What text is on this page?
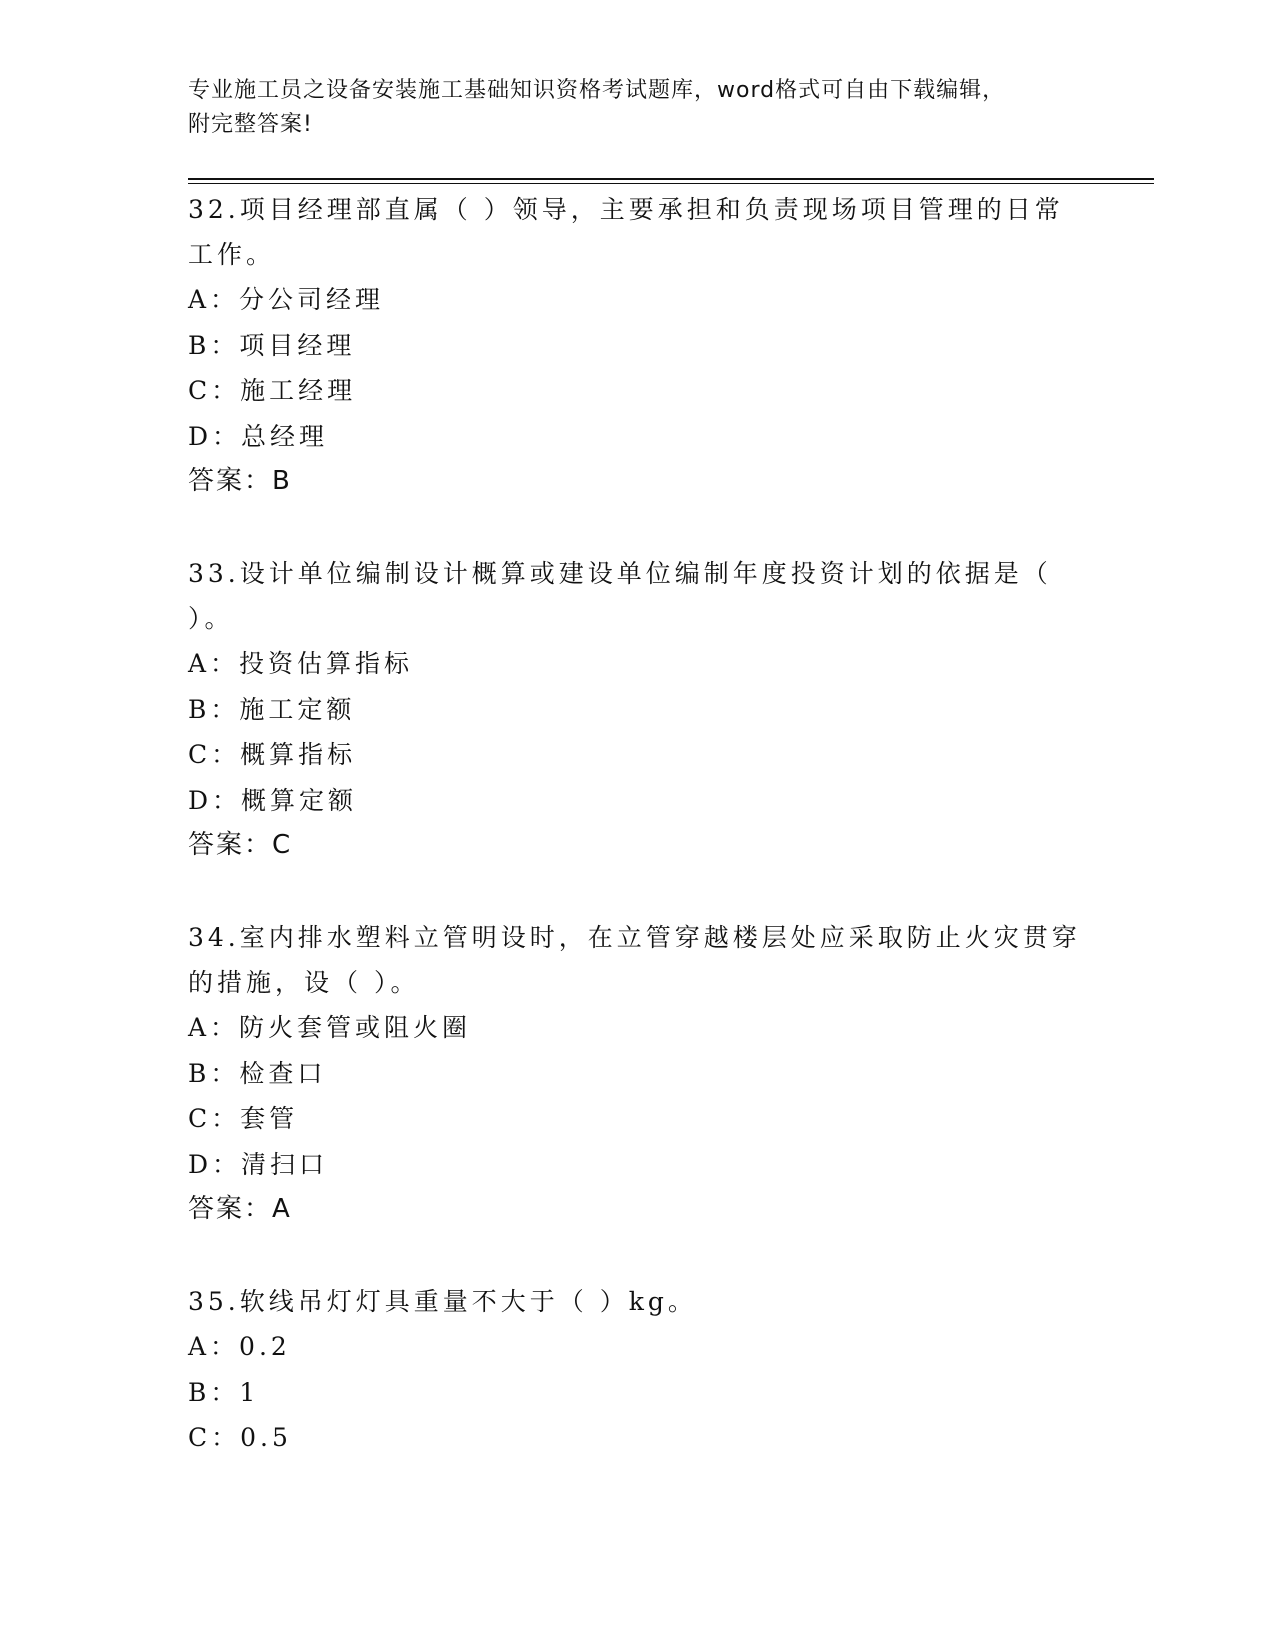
专业施工员之设备安装施工基础知识资格考试题库，word格式可自由下载编辑，
附完整答案!

32.项目经理部直属（ ）领导，主要承担和负责现场项目管理的日常工作。

A：分公司经理

B：项目经理

C：施工经理

D：总经理

答案：B

33.设计单位编制设计概算或建设单位编制年度投资计划的依据是（ ）。

A：投资估算指标

B：施工定额

C：概算指标

D：概算定额

答案：C

34.室内排水塑料立管明设时，在立管穿越楼层处应采取防止火灾贯穿的措施，设（ ）。

A：防火套管或阻火圈

B：检查口

C：套管

D：清扫口

答案：A

35.软线吊灯灯具重量不大于（ ）kg。

A：0.2

B：1

C：0.5
